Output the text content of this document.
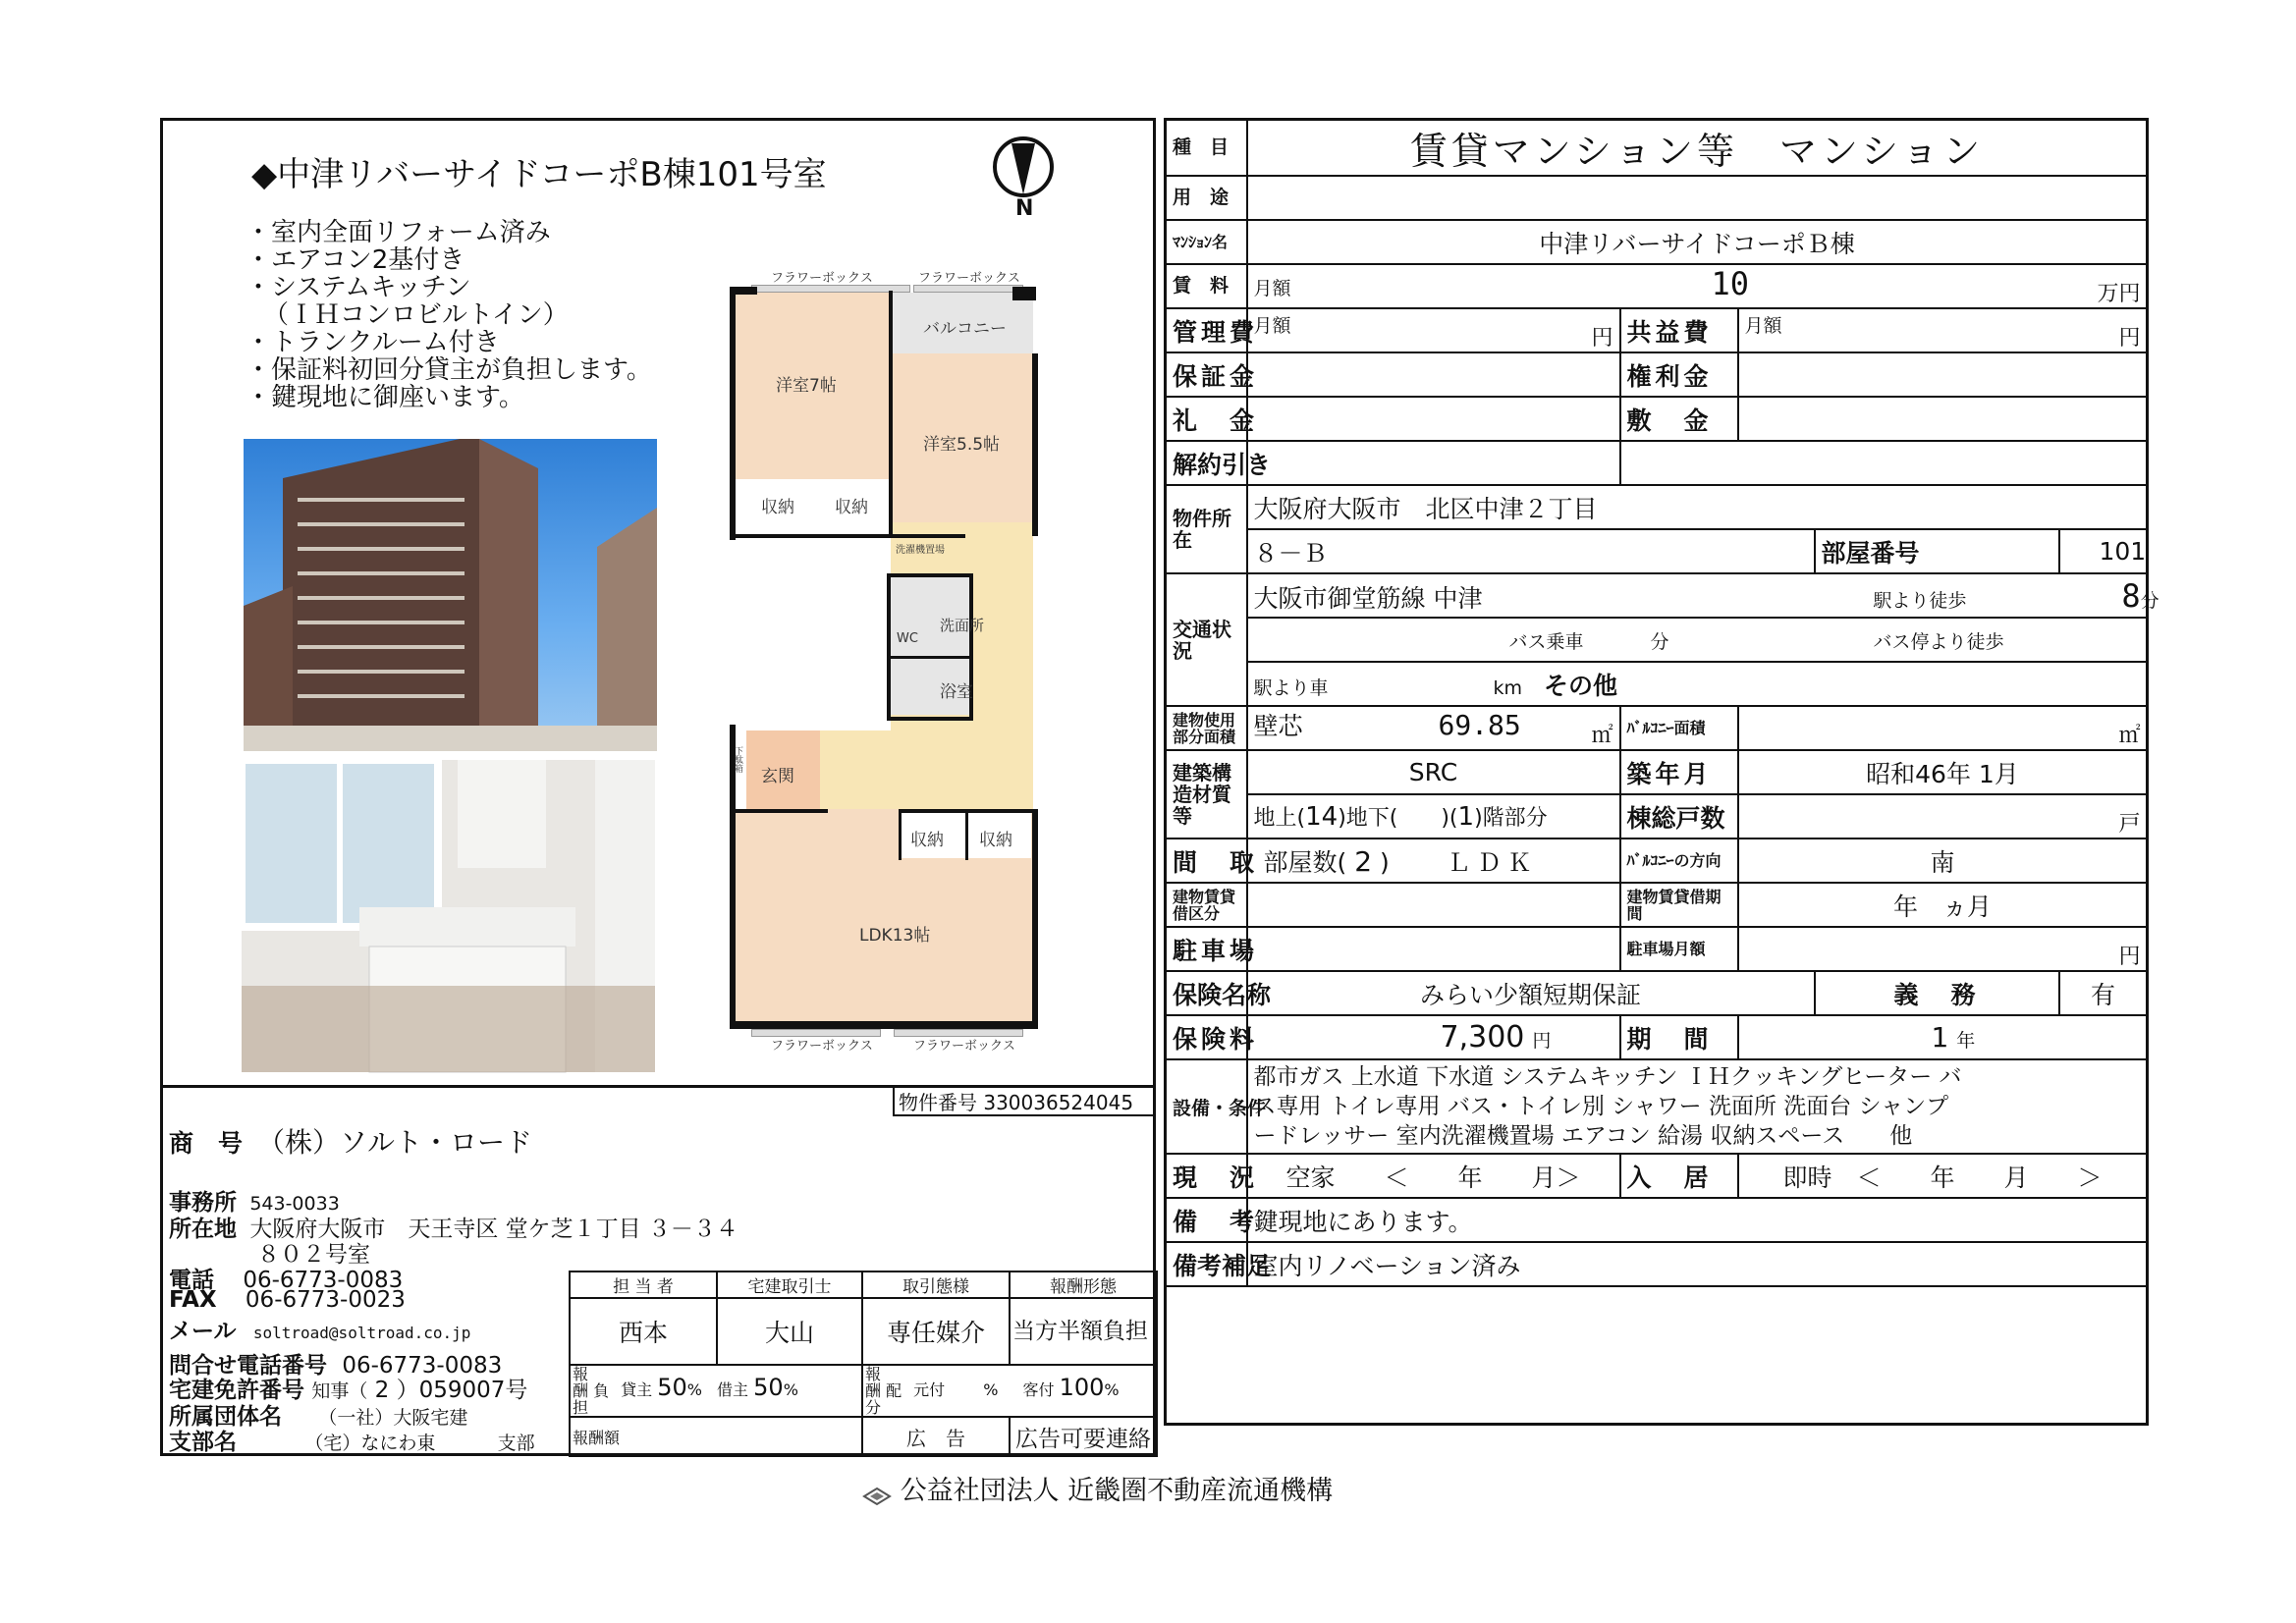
◆中津リバーサイドコーポB棟101号室
N
・室内全面リフォーム済み
・エアコン2基付き
・システムキッチン
（ＩＨコンロビルトイン）
・トランクルーム付き
・保証料初回分貸主が負担します。
・鍵現地に御座います。
フラワーボックス	フラワーボックス
フラワーボックス	フラワーボックス
バルコニー
洋室7帖
洋室5.5帖
収納 収納
洗濯機置場
洗面所
WC
浴室
玄関
下駄箱
収納 収納
LDK13帖
物件番号 330036524045
商　号 （株）ソルト・ロード
事務所 543-0033
所在地 大阪府大阪市　天王寺区 堂ケ芝１丁目 ３－３４
８０２号室
電話 06-6773-0083
FAX 06-6773-0023
メール soltroad@soltroad.co.jp
問合せ電話番号 06-6773-0083
宅建免許番号 知事（ 2 ）059007号
所属団体名 （一社）大阪宅建
支部名	（宅）なにわ東	支部
担 当 者	宅建取引士	取引態様	報酬形態
西本	大山	専任媒介	当方半額負担
報　酬 負　担 貸主 50% 借主 50%		報　酬 配　分 元付 % 客付 100%	
報酬額		広　告	広告可要連絡
種　目	賃貸マンション等　マンション				
用　途					
ﾏﾝｼｮﾝ名	中津リバーサイドコーポＢ棟				
賃　料	月額 10 万円				

管理費	月額 円	共益費	月額 円		

保証金		権利金			
礼　金		敷　金			
解約引き					
物件所在	大阪府大阪市　北区中津２丁目				
	８－Ｂ			部屋番号	101
交通状況	大阪市御堂筋線 中津 駅より徒歩 8分				
	バス乗車 分 バス停より徒歩				
	駅より車 km その他				
建物使用部分面積	壁芯 69.85 ㎡	ﾊﾞﾙｺﾆｰ面積	㎡		

建築構造材質等	SRC	築年月	昭和46年 1月		
	地上(14)地下(　　)(1)階部分	棟総戸数	戸		

間　取	部屋数( 2 ) ＬＤＫ	ﾊﾞﾙｺﾆｰの方向	南		
建物賃貸借区分		建物賃貸借期間	年　ヵ月		
駐車場		駐車場月額	円		

保険名称	みらい少額短期保証			義　務	有
保険料	7,300 円	期　間	1 年		
設備・条件	都市ガス 上水道 下水道 システムキッチン ＩＨクッキングヒーター バ
ス専用 トイレ専用 バス・トイレ別 シャワー 洗面所 洗面台 シャンプ
ードレッサー 室内洗濯機置場 エアコン 給湯 収納スペース　　他				

現　況	空家　　＜　　年　　月＞	入　居	即時　＜　　年　　月　　＞		
備　考	鍵現地にあります。				
備考補足	室内リノベーション済み				

公益社団法人 近畿圏不動産流通機構
